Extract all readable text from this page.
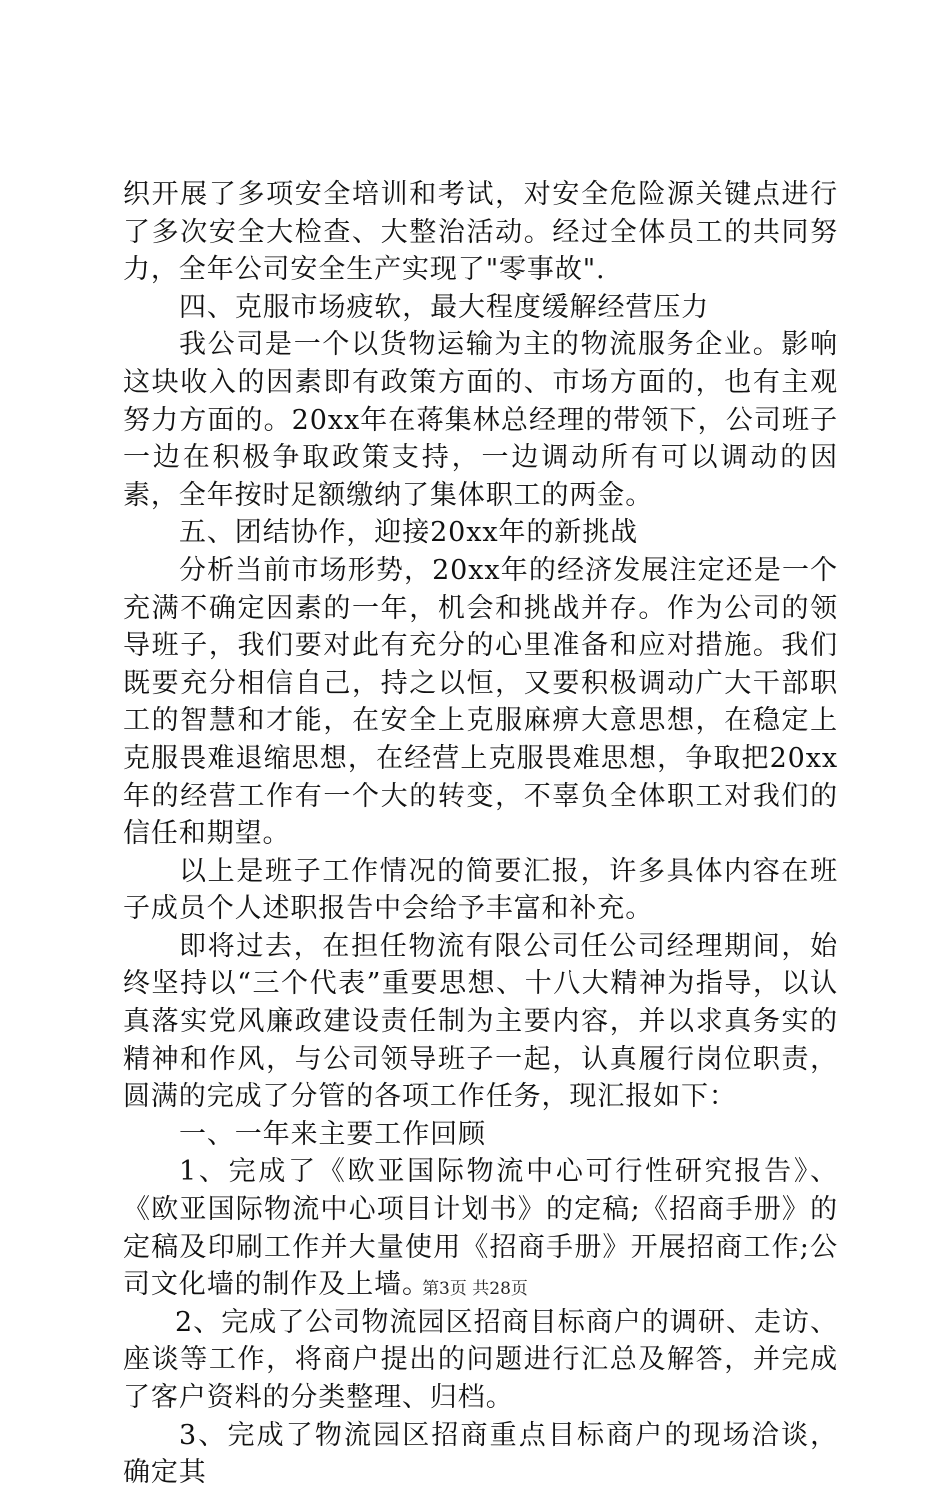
织开展了多项安全培训和考试，对安全危险源关键点进行了多次安全大检查、大整治活动。经过全体员工的共同努力，全年公司安全生产实现了"零事故".

四、克服市场疲软，最大程度缓解经营压力

我公司是一个以货物运输为主的物流服务企业。影响这块收入的因素即有政策方面的、市场方面的，也有主观努力方面的。20xx年在蒋集林总经理的带领下，公司班子一边在积极争取政策支持，一边调动所有可以调动的因素，全年按时足额缴纳了集体职工的两金。

五、团结协作，迎接20xx年的新挑战

分析当前市场形势，20xx年的经济发展注定还是一个充满不确定因素的一年，机会和挑战并存。作为公司的领导班子，我们要对此有充分的心里准备和应对措施。我们既要充分相信自己，持之以恒，又要积极调动广大干部职工的智慧和才能，在安全上克服麻痹大意思想，在稳定上克服畏难退缩思想，在经营上克服畏难思想，争取把20xx年的经营工作有一个大的转变，不辜负全体职工对我们的信任和期望。

以上是班子工作情况的简要汇报，许多具体内容在班子成员个人述职报告中会给予丰富和补充。

即将过去，在担任物流有限公司任公司经理期间，始终坚持以“三个代表”重要思想、十八大精神为指导，以认真落实党风廉政建设责任制为主要内容，并以求真务实的精神和作风，与公司领导班子一起，认真履行岗位职责，圆满的完成了分管的各项工作任务，现汇报如下：

一、一年来主要工作回顾

1、完成了《欧亚国际物流中心可行性研究报告》、《欧亚国际物流中心项目计划书》的定稿;《招商手册》的定稿及印刷工作并大量使用《招商手册》开展招商工作;公司文化墙的制作及上墙。

2、完成了公司物流园区招商目标商户的调研、走访、座谈等工作，将商户提出的问题进行汇总及解答，并完成了客户资料的分类整理、归档。

3、完成了物流园区招商重点目标商户的现场洽谈，确定其

第3页 共28页
